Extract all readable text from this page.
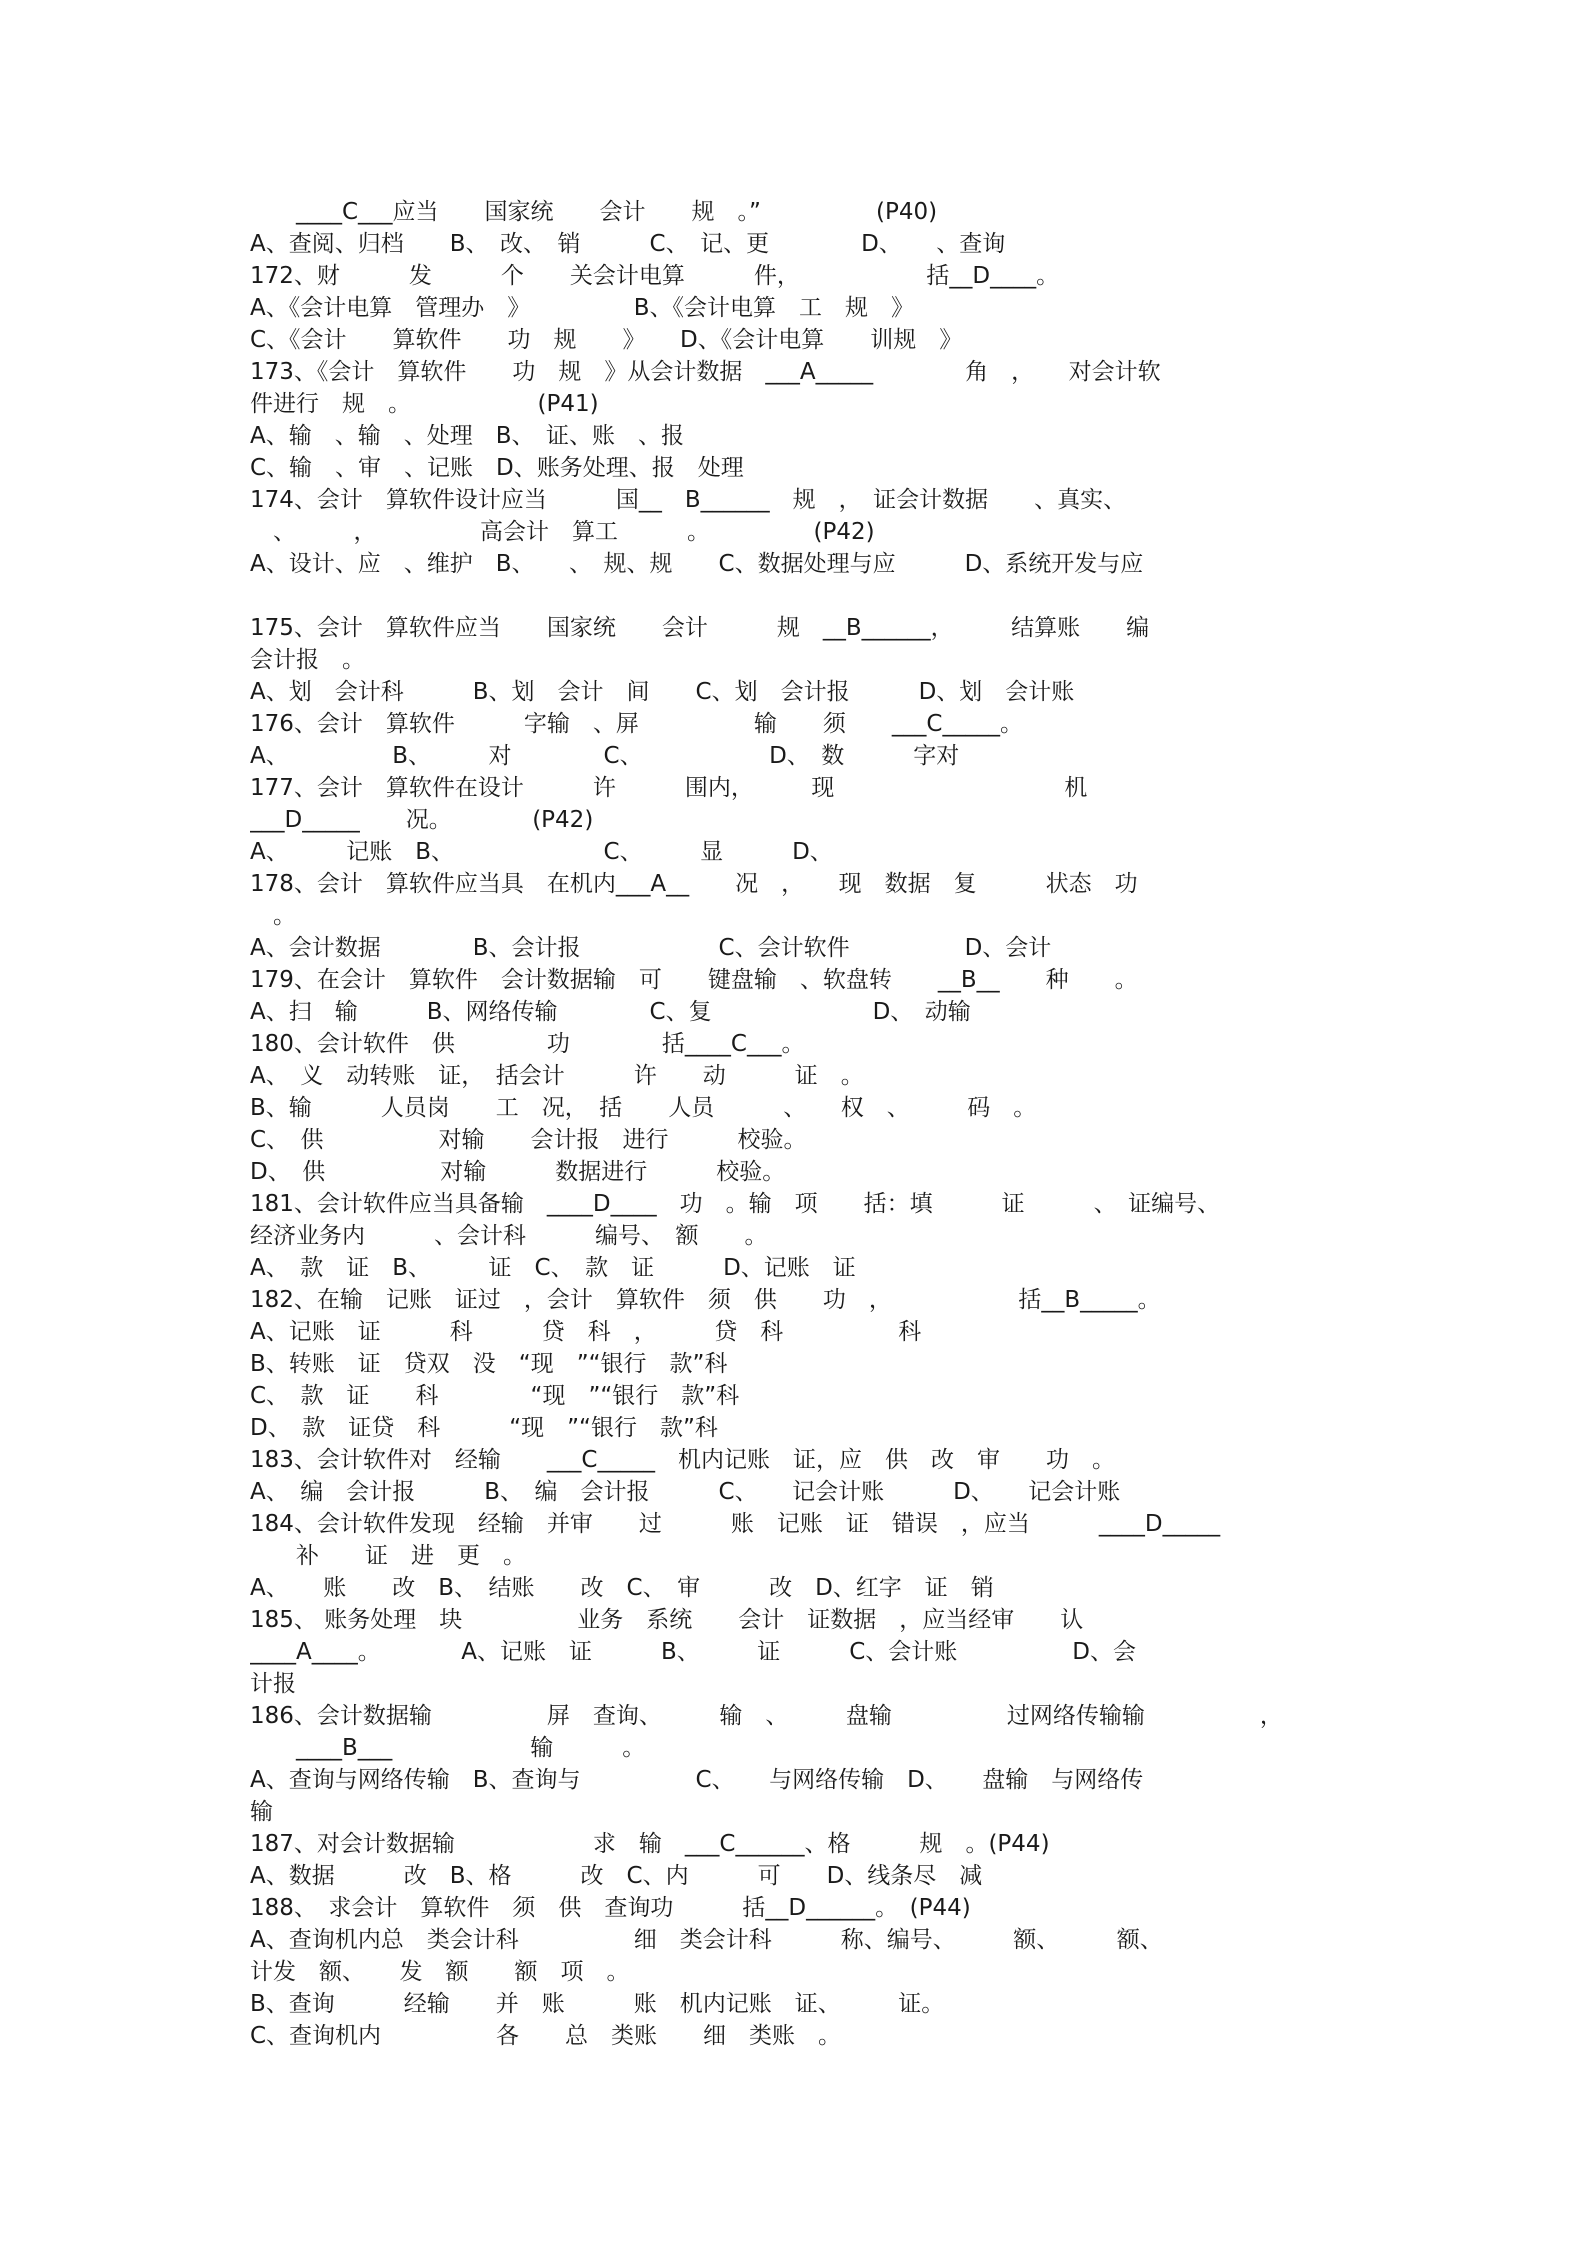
　　____C___应当　　国家统　　会计　　规　。”　　　　　(P40)
A、查阅、归档　　B、　改、　销　　　C、　记、更　　　　D、　　、查询
172、财　　　发　　　个　　关会计电算　　　件，　　　　　　括__D____。
A、《会计电算　管理办　》　　　　　B、《会计电算　工　规　》
C、《会计　　算软件　　功　规　　》　　D、《会计电算　　训规　》
173、《会计　算软件　　功　规　》从会计数据　___A_____　　　　角　，　　对会计软
件进行　规　。　　　　　　(P41)
A、输　、输　、处理　B、　证、账　、报
C、输　、审　、记账　D、账务处理、报　处理
174、会计　算软件设计应当　　　国__　B______　规　，　证会计数据　　、真实、
　、　　　，　　　　　高会计　算工　　　。　　　　　(P42)
A、设计、应　、维护　B、　　、　规、规　　C、数据处理与应　　　D、系统开发与应
175、会计　算软件应当　　国家统　　会计　　　规　__B______，　　　结算账　　编
会计报　。
A、划　会计科　　　B、划　会计　间　　C、划　会计报　　　D、划　会计账
176、会计　算软件　　　字输　、屏　　　　　输　　须　　___C_____。
A、　　　　　B、　　　对　　　　C、　　　　　　D、　数　　　字对
177、会计　算软件在设计　　　许　　　围内，　　　现　　　　　　　　　　机
___D_____　　况。　　　　(P42)
A、　　　记账　B、　　　　　　　C、　　　显　　　D、
178、会计　算软件应当具　在机内___A__　　况　，　　现　数据　复　　　状态　功
　。
A、会计数据　　　　B、会计报　　　　　　C、会计软件　　　　　D、会计
179、在会计　算软件　会计数据输　可　　键盘输　、软盘转　　__B__　　种　　。
A、扫　输　　　B、网络传输　　　　C、复　　　　　　　D、　动输
180、会计软件　供　　　　功　　　　括____C___。
A、　义　动转账　证，　括会计　　　许　　动　　　证　。
B、输　　　人员岗　　工　况，　括　　人员　　　、　　权　、　　　码　。
C、　供　　　　　对输　　会计报　进行　　　校验。
D、　供　　　　　对输　　　数据进行　　　校验。
181、会计软件应当具备输　____D____　功　。输　项　　括：填　　　证　　　、　证编号、
经济业务内　　　、会计科　　　编号、　额　　。
A、　款　证　B、　　　证　C、　款　证　　　D、记账　证
182、在输　记账　证过　，会计　算软件　须　供　　功　，　　　　　　括__B_____。
A、记账　证　　　科　　　贷　科　，　　　贷　科　　　　　科
B、转账　证　贷双　没　“现　”“银行　款”科
C、　款　证　　科　　　　“现　”“银行　款”科
D、　款　证贷　科　　　“现　”“银行　款”科
183、会计软件对　经输　　___C_____　机内记账　证，应　供　改　审　　功　。
A、　编　会计报　　　B、　编　会计报　　　C、　　记会计账　　　D、　　记会计账
184、会计软件发现　经输　并审　　过　　　账　记账　证　错误　，应当　　　____D_____
　　补　　证　进　更　。
A、　　账　　改　B、　结账　　改　C、　审　　　改　D、红字　证　销
185、 账务处理　块　　　　　业务　系统　　会计　证数据　，应当经审　　认
____A____。　　　　A、记账　证　　　B、　　　证　　　C、会计账　　　　　D、会
计报
186、会计数据输　　　　　屏　查询、　　　输　、　　　盘输　　　　　过网络传输输　　　　　，
　　____B___　　　　　　输　　　。
A、查询与网络传输　B、查询与　　　　　C、　　与网络传输　D、　　盘输　与网络传
输
187、对会计数据输　　　　　　求　输　___C______、格　　　规　。(P44)
A、数据　　　改　B、格　　　改　C、内　　　可　　D、线条尽　减
188、　求会计　算软件　须　供　查询功　　　括__D______。　(P44)
A、查询机内总　类会计科　　　　　细　类会计科　　　称、编号、　　　额、　　　额、
计发　额、　　发　额　　额　项　。
B、查询　　　经输　　并　账　　　账　机内记账　证、　　　证。
C、查询机内　　　　　各　　总　类账　　细　类账　。
